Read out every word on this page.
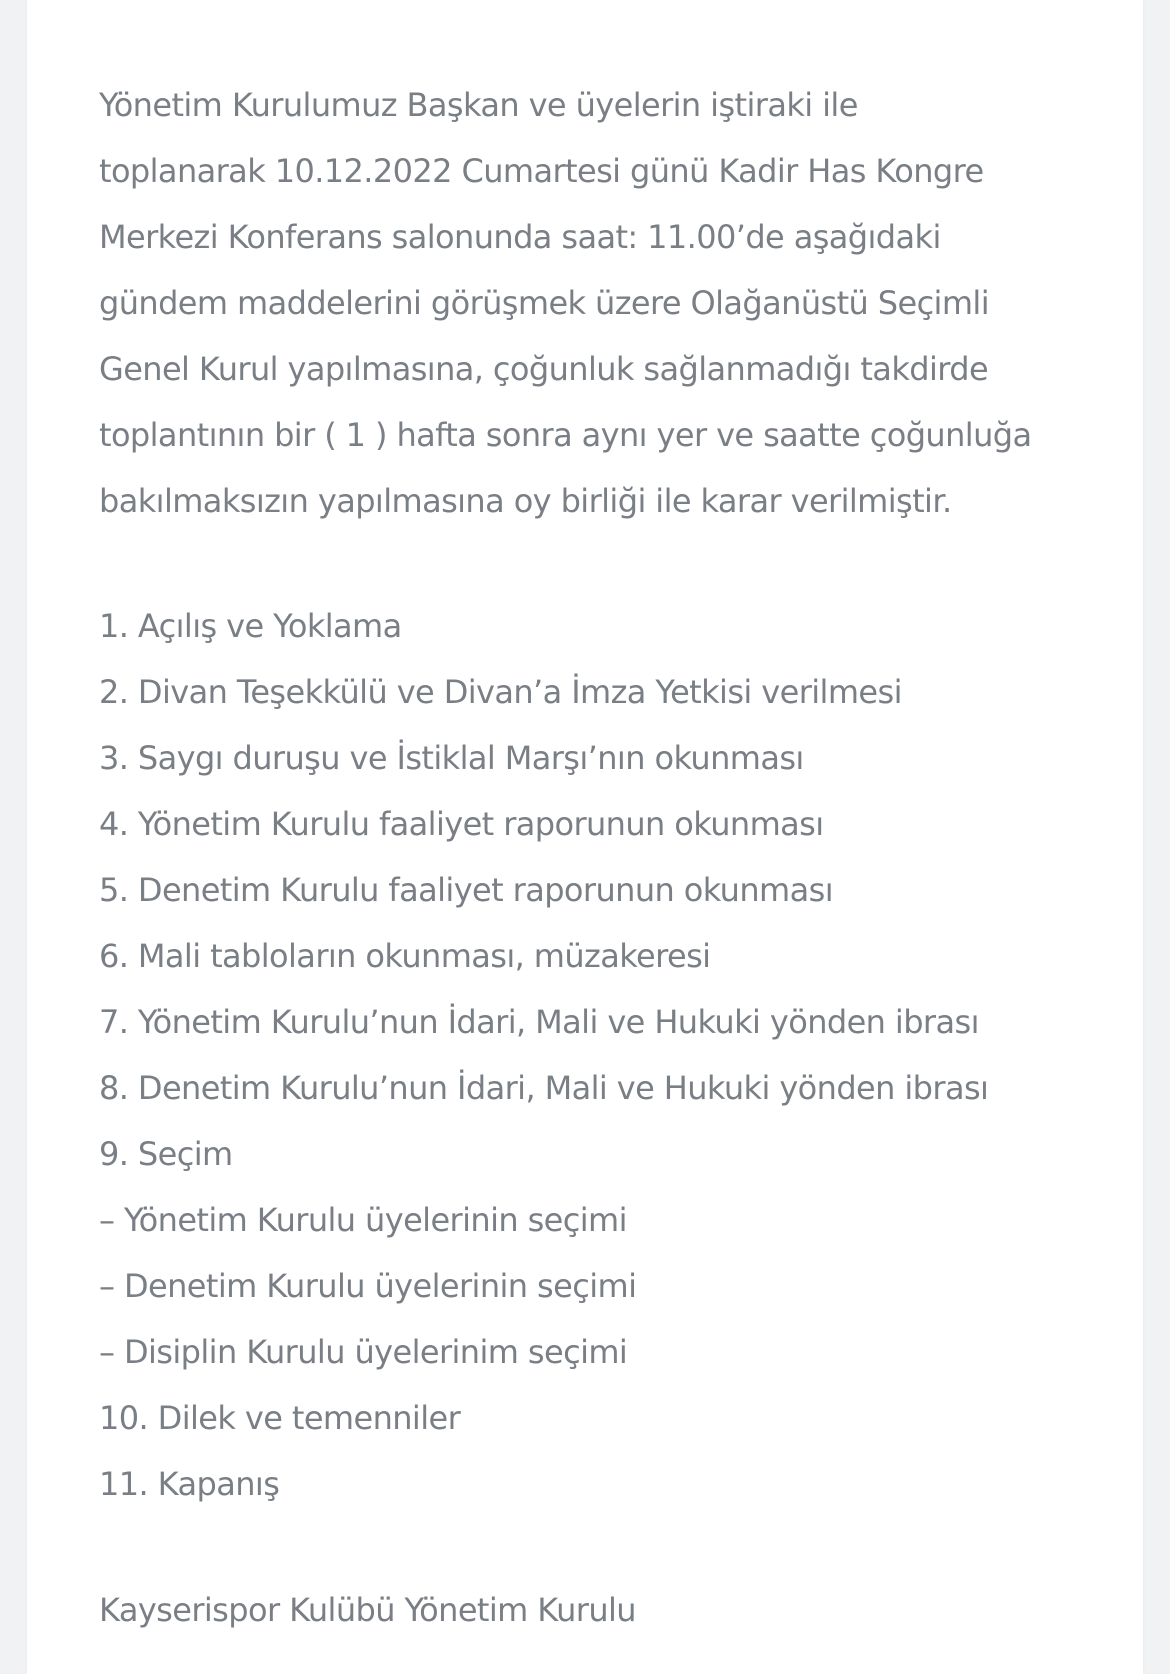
Yönetim Kurulumuz Başkan ve üyelerin iştiraki ile
toplanarak 10.12.2022 Cumartesi günü Kadir Has Kongre
Merkezi Konferans salonunda saat: 11.00’de aşağıdaki
gündem maddelerini görüşmek üzere Olağanüstü Seçimli
Genel Kurul yapılmasına, çoğunluk sağlanmadığı takdirde
toplantının bir ( 1 ) hafta sonra aynı yer ve saatte çoğunluğa
bakılmaksızın yapılmasına oy birliği ile karar verilmiştir.

1. Açılış ve Yoklama
2. Divan Teşekkülü ve Divan’a İmza Yetkisi verilmesi
3. Saygı duruşu ve İstiklal Marşı’nın okunması
4. Yönetim Kurulu faaliyet raporunun okunması
5. Denetim Kurulu faaliyet raporunun okunması
6. Mali tabloların okunması, müzakeresi
7. Yönetim Kurulu’nun İdari, Mali ve Hukuki yönden ibrası
8. Denetim Kurulu’nun İdari, Mali ve Hukuki yönden ibrası
9. Seçim
– Yönetim Kurulu üyelerinin seçimi
– Denetim Kurulu üyelerinin seçimi
– Disiplin Kurulu üyelerinim seçimi
10. Dilek ve temenniler
11. Kapanış

Kayserispor Kulübü Yönetim Kurulu
